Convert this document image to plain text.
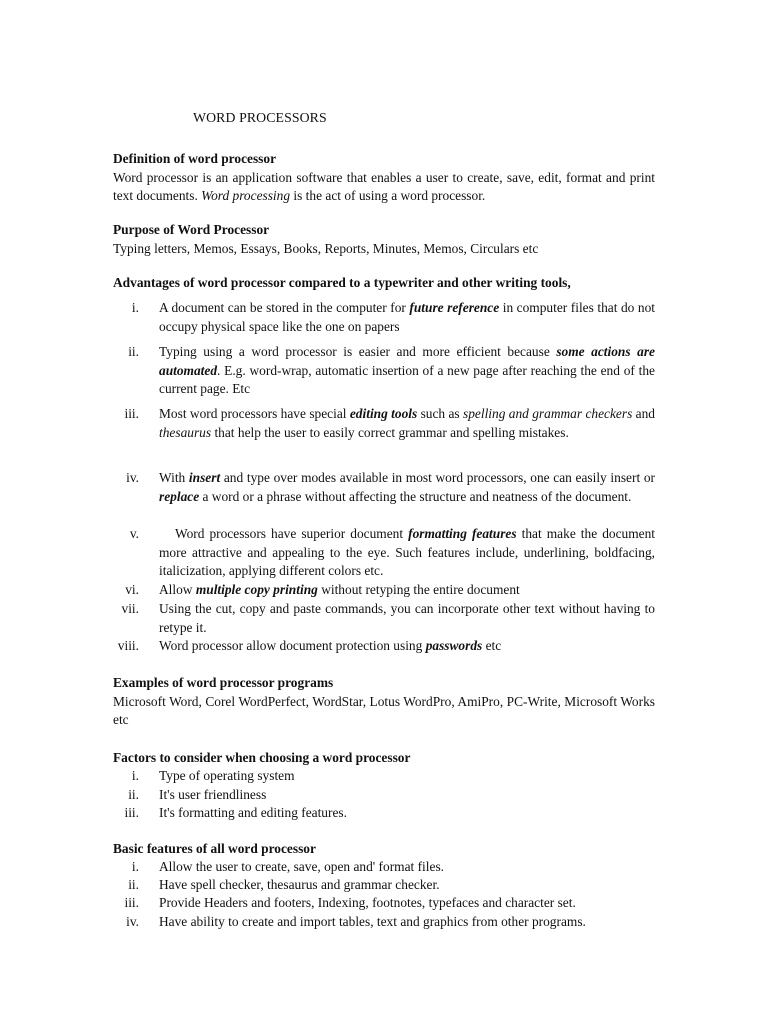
WORD PROCESSORS
Definition of word processor
Word processor is an application software that enables a user to create, save, edit, format and print text documents. Word processing is the act of using a word processor.
Purpose of Word Processor
Typing letters, Memos, Essays, Books, Reports, Minutes, Memos, Circulars etc
Advantages of word processor compared to a typewriter and other writing tools,
i. A document can be stored in the computer for future reference in computer files that do not occupy physical space like the one on papers
ii. Typing using a word processor is easier and more efficient because some actions are automated. E.g. word-wrap, automatic insertion of a new page after reaching the end of the current page. Etc
iii. Most word processors have special editing tools such as spelling and grammar checkers and thesaurus that help the user to easily correct grammar and spelling mistakes.
iv. With insert and type over modes available in most word processors, one can easily insert or replace a word or a phrase without affecting the structure and neatness of the document.
v.	Word processors have superior document formatting features that make the document more attractive and appealing to the eye. Such features include, underlining, boldfacing, italicization, applying different colors etc.
vi. Allow multiple copy printing without retyping the entire document
vii. Using the cut, copy and paste commands, you can incorporate other text without having to retype it.
viii. Word processor allow document protection using passwords etc
Examples of word processor programs
Microsoft Word, Corel WordPerfect, WordStar, Lotus WordPro, AmiPro, PC-Write, Microsoft Works etc
Factors to consider when choosing a word processor
i. Type of operating system
ii. It's user friendliness
iii. It's formatting and editing features.
Basic features of all word processor
i. Allow the user to create, save, open and' format files.
ii. Have spell checker, thesaurus and grammar checker.
iii. Provide Headers and footers, Indexing, footnotes, typefaces and character set.
iv. Have ability to create and import tables, text and graphics from other programs.
